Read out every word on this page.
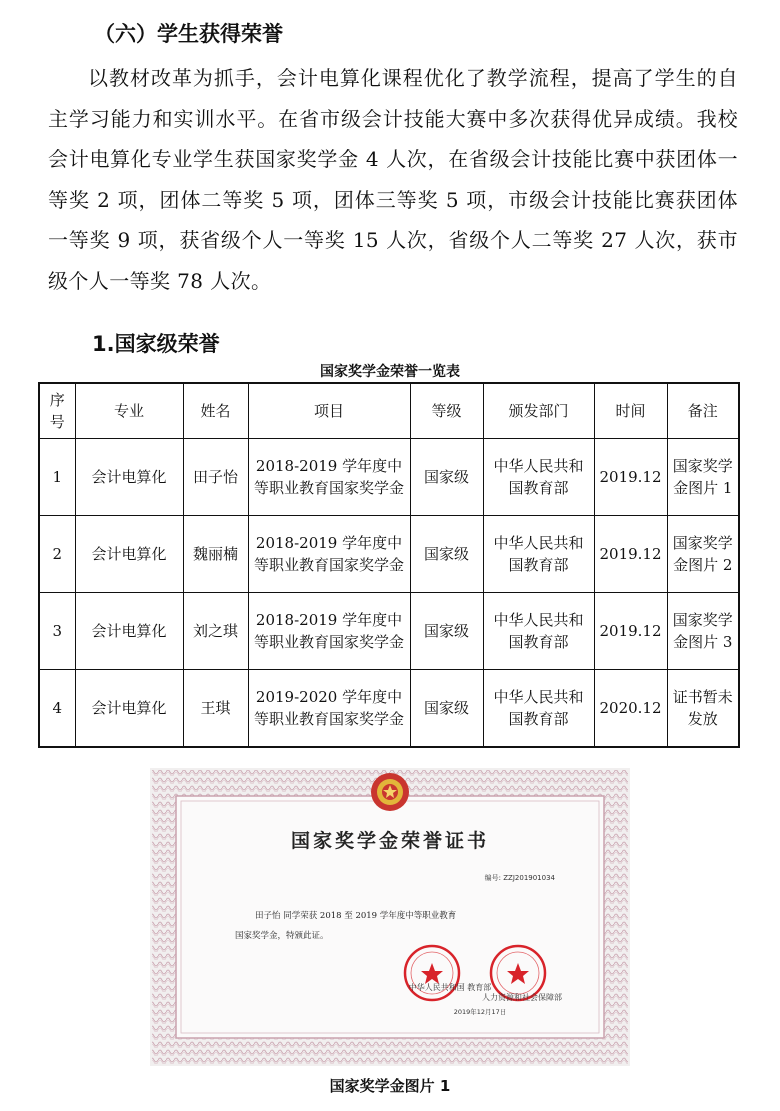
（六）学生获得荣誉
以教材改革为抓手，会计电算化课程优化了教学流程，提高了学生的自主学习能力和实训水平。在省市级会计技能大赛中多次获得优异成绩。我校会计电算化专业学生获国家奖学金 4 人次，在省级会计技能比赛中获团体一等奖 2 项，团体二等奖 5 项，团体三等奖 5 项，市级会计技能比赛获团体一等奖 9 项，获省级个人一等奖 15 人次，省级个人二等奖 27 人次，获市级个人一等奖 78 人次。
1.国家级荣誉
国家奖学金荣誉一览表
序号	专业	姓名	项目	等级	颁发部门	时间	备注
1	会计电算化	田子怡	2018-2019 学年度中等职业教育国家奖学金	国家级	中华人民共和国教育部	2019.12	国家奖学金图片 1
2	会计电算化	魏丽楠	2018-2019 学年度中等职业教育国家奖学金	国家级	中华人民共和国教育部	2019.12	国家奖学金图片 2
3	会计电算化	刘之琪	2018-2019 学年度中等职业教育国家奖学金	国家级	中华人民共和国教育部	2019.12	国家奖学金图片 3
4	会计电算化	王琪	2019-2020 学年度中等职业教育国家奖学金	国家级	中华人民共和国教育部	2020.12	证书暂未发放
国家奖学金荣誉证书
编号: ZZJ201901034
田子怡 同学荣获 2018 至 2019 学年度中等职业教育
国家奖学金，特颁此证。
中华人民共和国 教育部
人力资源和社会保障部
2019年12月17日
国家奖学金图片 1
